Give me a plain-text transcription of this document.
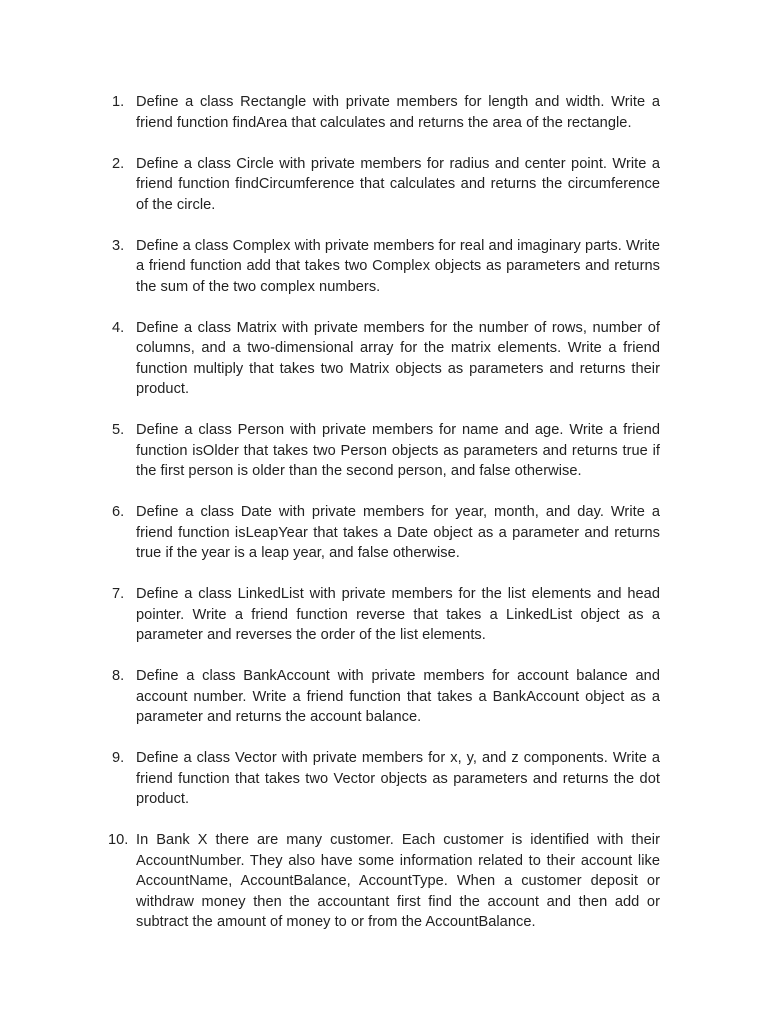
1. Define a class Rectangle with private members for length and width. Write a friend function findArea that calculates and returns the area of the rectangle.
2. Define a class Circle with private members for radius and center point. Write a friend function findCircumference that calculates and returns the circumference of the circle.
3. Define a class Complex with private members for real and imaginary parts. Write a friend function add that takes two Complex objects as parameters and returns the sum of the two complex numbers.
4. Define a class Matrix with private members for the number of rows, number of columns, and a two-dimensional array for the matrix elements. Write a friend function multiply that takes two Matrix objects as parameters and returns their product.
5. Define a class Person with private members for name and age. Write a friend function isOlder that takes two Person objects as parameters and returns true if the first person is older than the second person, and false otherwise.
6. Define a class Date with private members for year, month, and day. Write a friend function isLeapYear that takes a Date object as a parameter and returns true if the year is a leap year, and false otherwise.
7. Define a class LinkedList with private members for the list elements and head pointer. Write a friend function reverse that takes a LinkedList object as a parameter and reverses the order of the list elements.
8. Define a class BankAccount with private members for account balance and account number. Write a friend function that takes a BankAccount object as a parameter and returns the account balance.
9. Define a class Vector with private members for x, y, and z components. Write a friend function that takes two Vector objects as parameters and returns the dot product.
10. In Bank X there are many customer. Each customer is identified with their AccountNumber. They also have some information related to their account like AccountName, AccountBalance, AccountType. When a customer deposit or withdraw money then the accountant first find the account and then add or subtract the amount of money to or from the AccountBalance.
